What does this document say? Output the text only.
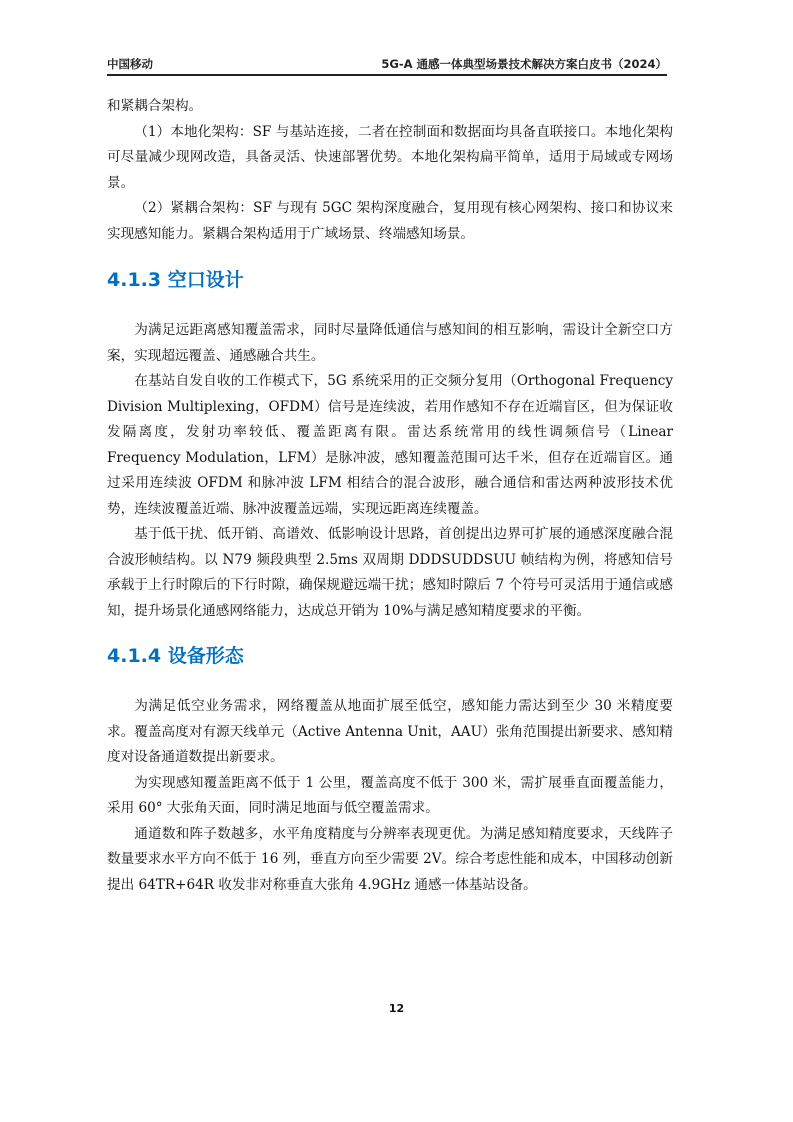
中国移动	5G-A 通感一体典型场景技术解决方案白皮书（2024）

和紧耦合架构。

（1）本地化架构：SF 与基站连接，二者在控制面和数据面均具备直联接口。本地化架构可尽量减少现网改造，具备灵活、快速部署优势。本地化架构扁平简单，适用于局域或专网场景。

（2）紧耦合架构：SF 与现有 5GC 架构深度融合，复用现有核心网架构、接口和协议来实现感知能力。紧耦合架构适用于广域场景、终端感知场景。

4.1.3 空口设计

为满足远距离感知覆盖需求，同时尽量降低通信与感知间的相互影响，需设计全新空口方案，实现超远覆盖、通感融合共生。

在基站自发自收的工作模式下，5G 系统采用的正交频分复用（Orthogonal Frequency Division Multiplexing，OFDM）信号是连续波，若用作感知不存在近端盲区，但为保证收发隔离度，发射功率较低、覆盖距离有限。雷达系统常用的线性调频信号（Linear Frequency Modulation，LFM）是脉冲波，感知覆盖范围可达千米，但存在近端盲区。通过采用连续波 OFDM 和脉冲波 LFM 相结合的混合波形，融合通信和雷达两种波形技术优势，连续波覆盖近端、脉冲波覆盖远端，实现远距离连续覆盖。

基于低干扰、低开销、高谱效、低影响设计思路，首创提出边界可扩展的通感深度融合混合波形帧结构。以 N79 频段典型 2.5ms 双周期 DDDSUDDSUU 帧结构为例，将感知信号承载于上行时隙后的下行时隙，确保规避远端干扰；感知时隙后 7 个符号可灵活用于通信或感知，提升场景化通感网络能力，达成总开销为 10%与满足感知精度要求的平衡。

4.1.4 设备形态

为满足低空业务需求，网络覆盖从地面扩展至低空，感知能力需达到至少 30 米精度要求。覆盖高度对有源天线单元（Active Antenna Unit，AAU）张角范围提出新要求、感知精度对设备通道数提出新要求。

为实现感知覆盖距离不低于 1 公里，覆盖高度不低于 300 米，需扩展垂直面覆盖能力，采用 60° 大张角天面，同时满足地面与低空覆盖需求。

通道数和阵子数越多，水平角度精度与分辨率表现更优。为满足感知精度要求，天线阵子数量要求水平方向不低于 16 列，垂直方向至少需要 2V。综合考虑性能和成本，中国移动创新提出 64TR+64R 收发非对称垂直大张角 4.9GHz 通感一体基站设备。

12
